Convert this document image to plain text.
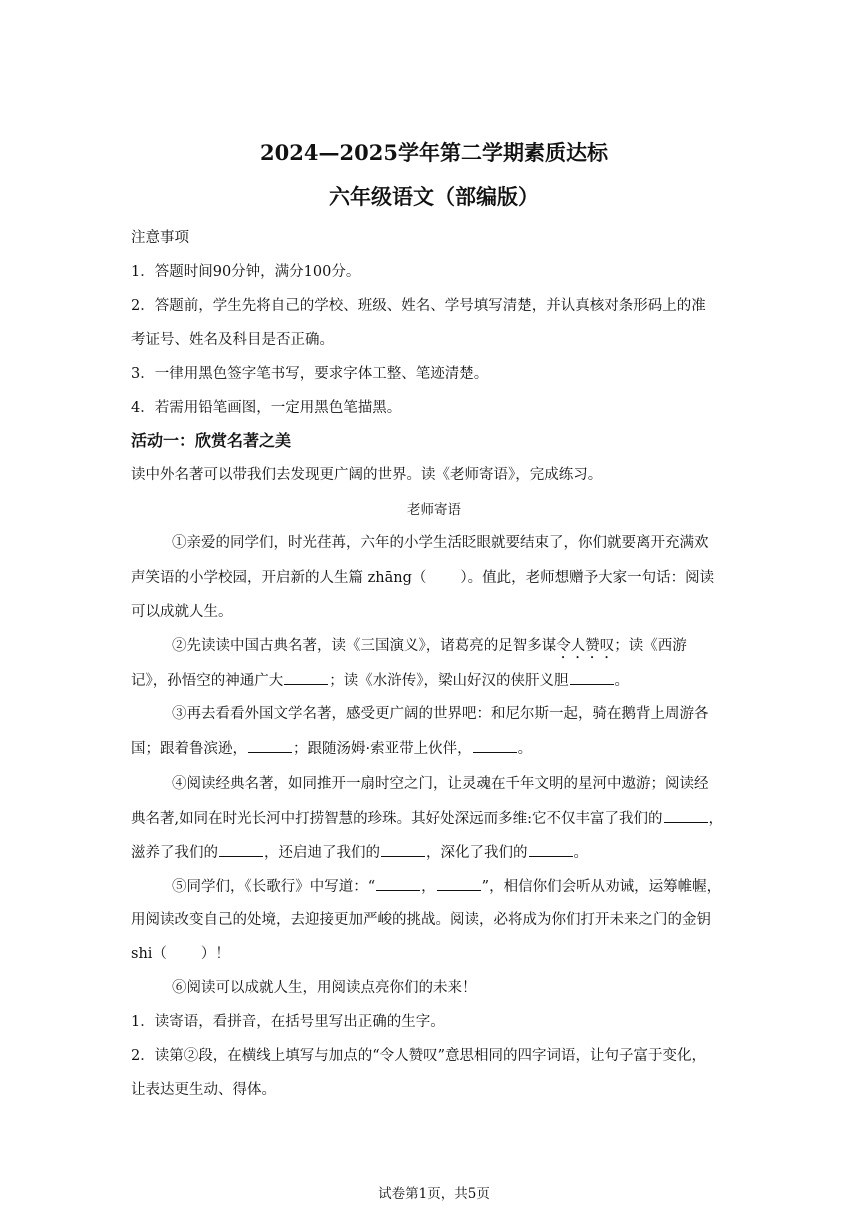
2024—2025学年第二学期素质达标
六年级语文（部编版）
注意事项
1．答题时间90分钟，满分100分。
2．答题前，学生先将自己的学校、班级、姓名、学号填写清楚，并认真核对条形码上的准
考证号、姓名及科目是否正确。
3．一律用黑色签字笔书写，要求字体工整、笔迹清楚。
4．若需用铅笔画图，一定用黑色笔描黑。
活动一：欣赏名著之美
读中外名著可以带我们去发现更广阔的世界。读《老师寄语》，完成练习。
老师寄语
①亲爱的同学们，时光荏苒，六年的小学生活眨眼就要结束了，你们就要离开充满欢
声笑语的小学校园，开启新的人生篇 zhāng（ ）。值此，老师想赠予大家一句话：阅读
可以成就人生。
②先读读中国古典名著，读《三国演义》，诸葛亮的足智多谋令人赞叹；读《西游
记》，孙悟空的神通广大	；读《水浒传》，梁山好汉的侠肝义胆	。
③再去看看外国文学名著，感受更广阔的世界吧：和尼尔斯一起，骑在鹅背上周游各
国；跟着鲁滨逊，	；跟随汤姆·索亚带上伙伴，	。
④阅读经典名著，如同推开一扇时空之门，让灵魂在千年文明的星河中遨游；阅读经
典名著,如同在时光长河中打捞智慧的珍珠。其好处深远而多维:它不仅丰富了我们的	，
滋养了我们的	，还启迪了我们的	，深化了我们的	。
⑤同学们，《长歌行》中写道：“	，	”，相信你们会听从劝诫，运筹帷幄，
用阅读改变自己的处境，去迎接更加严峻的挑战。阅读，必将成为你们打开未来之门的金钥
shi（ ）！
⑥阅读可以成就人生，用阅读点亮你们的未来！
1．读寄语，看拼音，在括号里写出正确的生字。
2．读第②段，在横线上填写与加点的“令人赞叹”意思相同的四字词语，让句子富于变化，
让表达更生动、得体。
试卷第1页，共5页
